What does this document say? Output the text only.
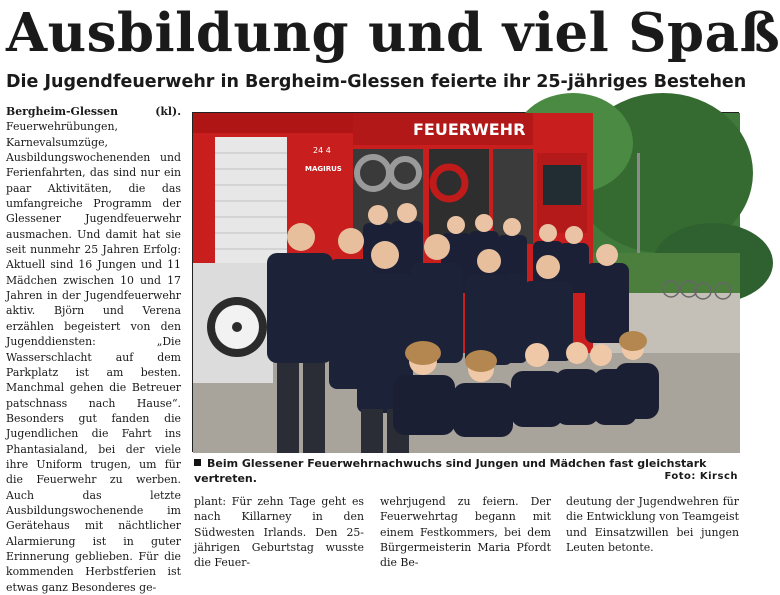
Ausbildung und viel Spaß
Die Jugendfeuerwehr in Bergheim-Glessen feierte ihr 25-jähriges Bestehen
Bergheim-Glessen (kl). Feuerwehrübungen, Karnevalsumzüge, Ausbildungswochenenden und Ferienfahrten, das sind nur ein paar Aktivitäten, die das umfangreiche Programm der Glessener Jugendfeuerwehr ausmachen. Und damit hat sie seit nunmehr 25 Jahren Erfolg: Aktuell sind 16 Jungen und 11 Mädchen zwischen 10 und 17 Jahren in der Jugendfeuerwehr aktiv. Björn und Verena erzählen begeistert von den Jugenddiensten: „Die Wasserschlacht auf dem Parkplatz ist am besten. Manchmal gehen die Betreuer patschnass nach Hause“. Besonders gut fanden die Jugendlichen die Fahrt ins Phantasialand, bei der viele ihre Uniform trugen, um für die Feuerwehr zu werben. Auch das letzte Ausbildungswochenende im Gerätehaus mit nächtlicher Alarmierung ist in guter Erinnerung geblieben. Für die kommenden Herbstferien ist etwas ganz Besonderes ge-
FEUERWEHR
24 4
MAGIRUS
Beim Glessener Feuerwehrnachwuchs sind Jungen und Mädchen fast gleichstark vertreten.	Foto: Kirsch
plant: Für zehn Tage geht es nach Killarney in den Südwesten Irlands. Den 25-jährigen Geburtstag wusste die Feuer-
wehrjugend zu feiern. Der Feuerwehrtag begann mit einem Festkommers, bei dem Bürgermeisterin Maria Pfordt die Be-
deutung der Jugendwehren für die Entwicklung von Teamgeist und Einsatzwillen bei jungen Leuten betonte.
